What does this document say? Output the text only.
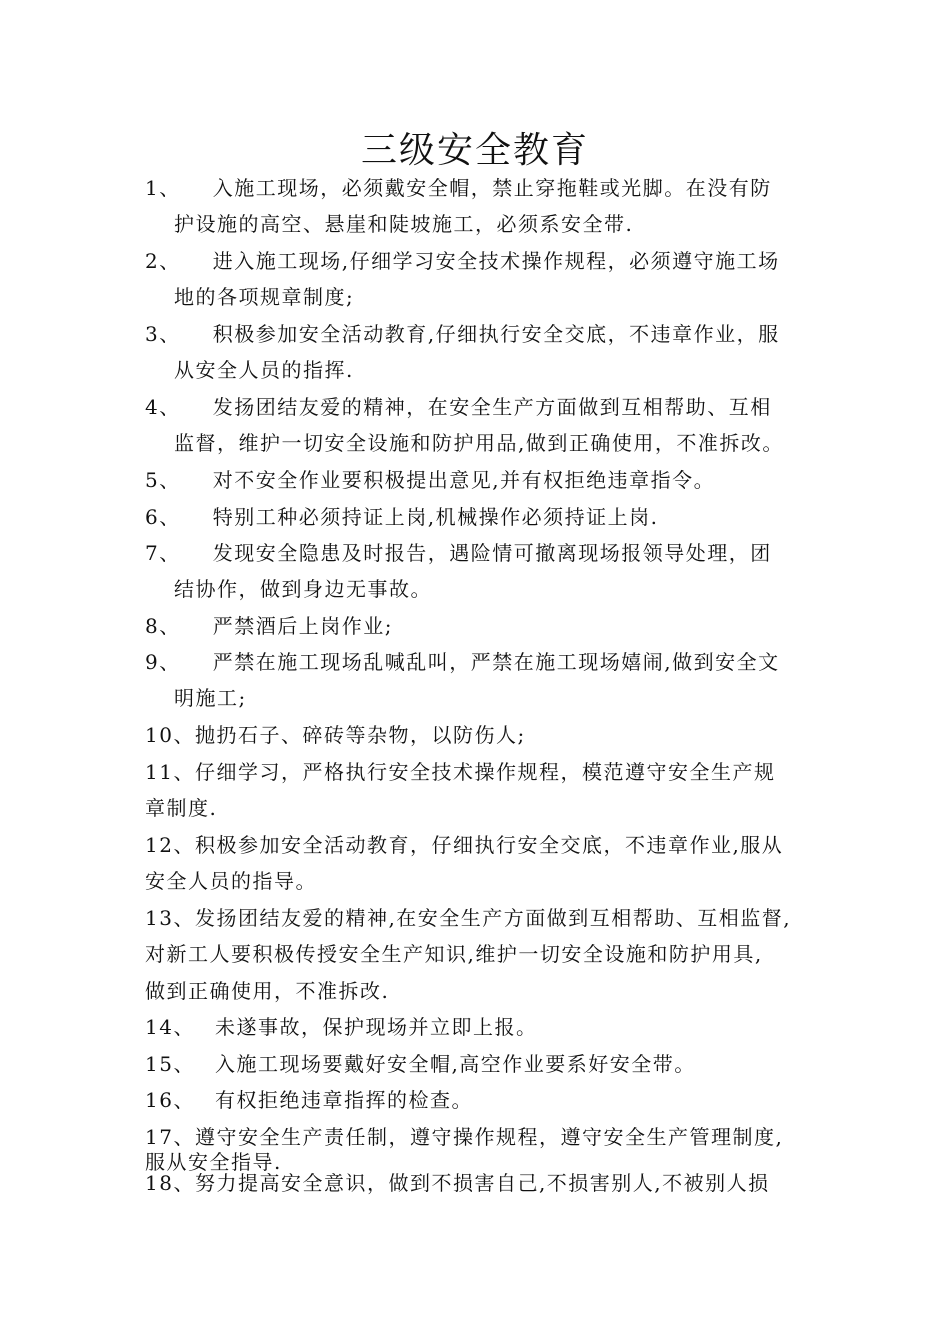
三级安全教育
1、 入施工现场，必须戴安全帽，禁止穿拖鞋或光脚。在没有防
护设施的高空、悬崖和陡坡施工，必须系安全带.
2、 进入施工现场,仔细学习安全技术操作规程，必须遵守施工场
地的各项规章制度;
3、 积极参加安全活动教育,仔细执行安全交底，不违章作业，服
从安全人员的指挥.
4、 发扬团结友爱的精神，在安全生产方面做到互相帮助、互相
监督，维护一切安全设施和防护用品,做到正确使用，不准拆改。
5、 对不安全作业要积极提出意见,并有权拒绝违章指令。
6、 特别工种必须持证上岗,机械操作必须持证上岗.
7、 发现安全隐患及时报告，遇险情可撤离现场报领导处理，团
结协作，做到身边无事故。
8、 严禁酒后上岗作业;
9、 严禁在施工现场乱喊乱叫，严禁在施工现场嬉闹,做到安全文
明施工;
10、抛扔石子、碎砖等杂物，以防伤人;
11、仔细学习，严格执行安全技术操作规程，模范遵守安全生产规
章制度.
12、积极参加安全活动教育，仔细执行安全交底，不违章作业,服从
安全人员的指导。
13、发扬团结友爱的精神,在安全生产方面做到互相帮助、互相监督,
对新工人要积极传授安全生产知识,维护一切安全设施和防护用具,
做到正确使用，不准拆改.
14、 未遂事故，保护现场并立即上报。
15、 入施工现场要戴好安全帽,高空作业要系好安全带。
16、 有权拒绝违章指挥的检查。
17、遵守安全生产责任制，遵守操作规程，遵守安全生产管理制度,
服从安全指导.
18、努力提高安全意识，做到不损害自己,不损害别人,不被别人损
